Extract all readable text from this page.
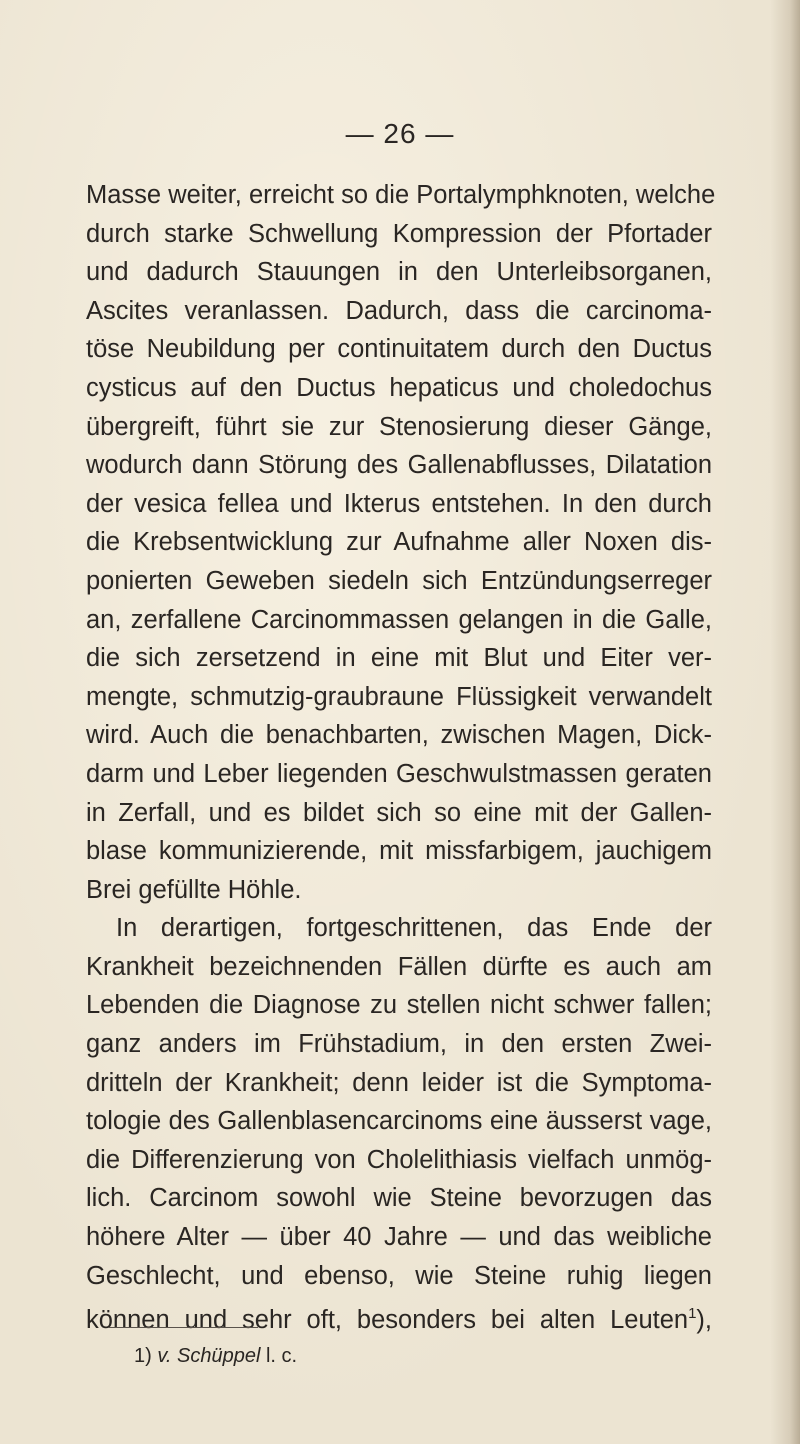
— 26 —
Masse weiter, erreicht so die Portalymphknoten, welche
durch starke Schwellung Kompression der Pfortader
und dadurch Stauungen in den Unterleibsorganen,
Ascites veranlassen. Dadurch, dass die carcinoma-
töse Neubildung per continuitatem durch den Ductus
cysticus auf den Ductus hepaticus und choledochus
übergreift, führt sie zur Stenosierung dieser Gänge,
wodurch dann Störung des Gallenabflusses, Dilatation
der vesica fellea und Ikterus entstehen. In den durch
die Krebsentwicklung zur Aufnahme aller Noxen dis-
ponierten Geweben siedeln sich Entzündungserreger
an, zerfallene Carcinommassen gelangen in die Galle,
die sich zersetzend in eine mit Blut und Eiter ver-
mengte, schmutzig-graubraune Flüssigkeit verwandelt
wird. Auch die benachbarten, zwischen Magen, Dick-
darm und Leber liegenden Geschwulstmassen geraten
in Zerfall, und es bildet sich so eine mit der Gallen-
blase kommunizierende, mit missfarbigem, jauchigem
Brei gefüllte Höhle.
In derartigen, fortgeschrittenen, das Ende der
Krankheit bezeichnenden Fällen dürfte es auch am
Lebenden die Diagnose zu stellen nicht schwer fallen;
ganz anders im Frühstadium, in den ersten Zwei-
dritteln der Krankheit; denn leider ist die Symptoma-
tologie des Gallenblasencarcinoms eine äusserst vage,
die Differenzierung von Cholelithiasis vielfach unmög-
lich. Carcinom sowohl wie Steine bevorzugen das
höhere Alter — über 40 Jahre — und das weibliche
Geschlecht, und ebenso, wie Steine ruhig liegen
können und sehr oft, besonders bei alten Leuten$^1$),
1) v. Schüppel l. c.
